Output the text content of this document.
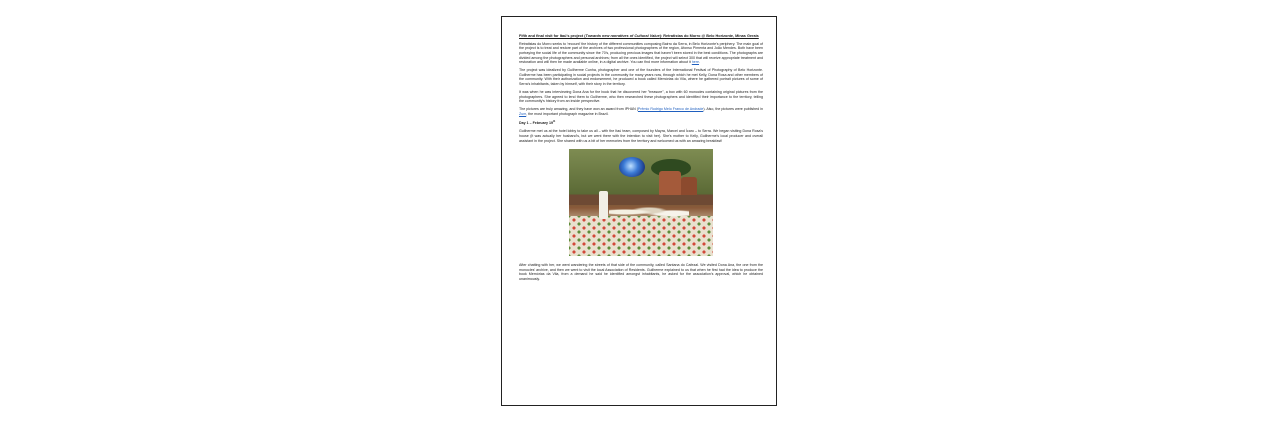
Fifth and final visit for Itaú's project (Towards new narratives of Cultural Value): Retratistas do Morro @ Belo Horizonte, Minas Gerais

Retratistas do Morro seeks to 'recount' the history of the different communities composing Bairro da Serra, in Belo Horizonte's periphery. The main goal of the project is to treat and restore part of the archives of two professional photographers of the region, Afonso Pimenta and João Mendes. Both have been portraying the social life of the community since the 70's, producing precious images that haven't been stored in the best conditions. The photographs are divided among the photographers and personal archives; from all the ones identified, the project will select 300 that will receive appropriate treatment and restoration and will then be made available online, in a digital archive. You can find more information about it here.

The project was idealized by Guilherme Cunha, photographer and one of the founders of the International Festival of Photography of Belo Horizonte. Guilherme has been participating in social projects in the community for many years now, through which he met Kelly, Dona Rosa and other members of the community. With their authorization and endorsement, he produced a book called Memórias do Vila, where he gathered portrait pictures of some of Serra's inhabitants, taken by himself, with their story in the territory.

It was when he was interviewing Dona Ana for the book that he discovered her "treasure", a box with 60 monocles containing original pictures from the photographers. She agreed to lend them to Guilherme, who then researched these photographers and identified their importance to the territory, telling the community's history from an inside perspective.

The pictures are truly amazing, and they have won an award from IPHAN (Prêmio Rodrigo Melo Franco de Andrade). Also, the pictures were published in Zum, the most important photograph magazine in Brazil.

Day 1 – February 19th

Guilherme met us at the hotel lobby to take us all – with the Itaú team, composed by Mayra, Marcel and Ícaro – to Serra. We began visiting Dona Rosa's house (it was actually her husband's, but we went there with the intention to visit her). She's mother to Kelly, Guilherme's local producer and overall assistant in the project. She shared with us a bit of her memories from the territory and welcomed us with an amazing breakfast!

After chatting with her, we went wandering the streets of that side of the community, called Santana do Cafezal. We visited Dona Ana, the one from the monocles' archive, and then we went to visit the local Association of Residents. Guilherme explained to us that when he first had the idea to produce the book Memórias da Vila, from a demand he said he identified amongst inhabitants, he asked for the association's approval, which he obtained unanimously.
